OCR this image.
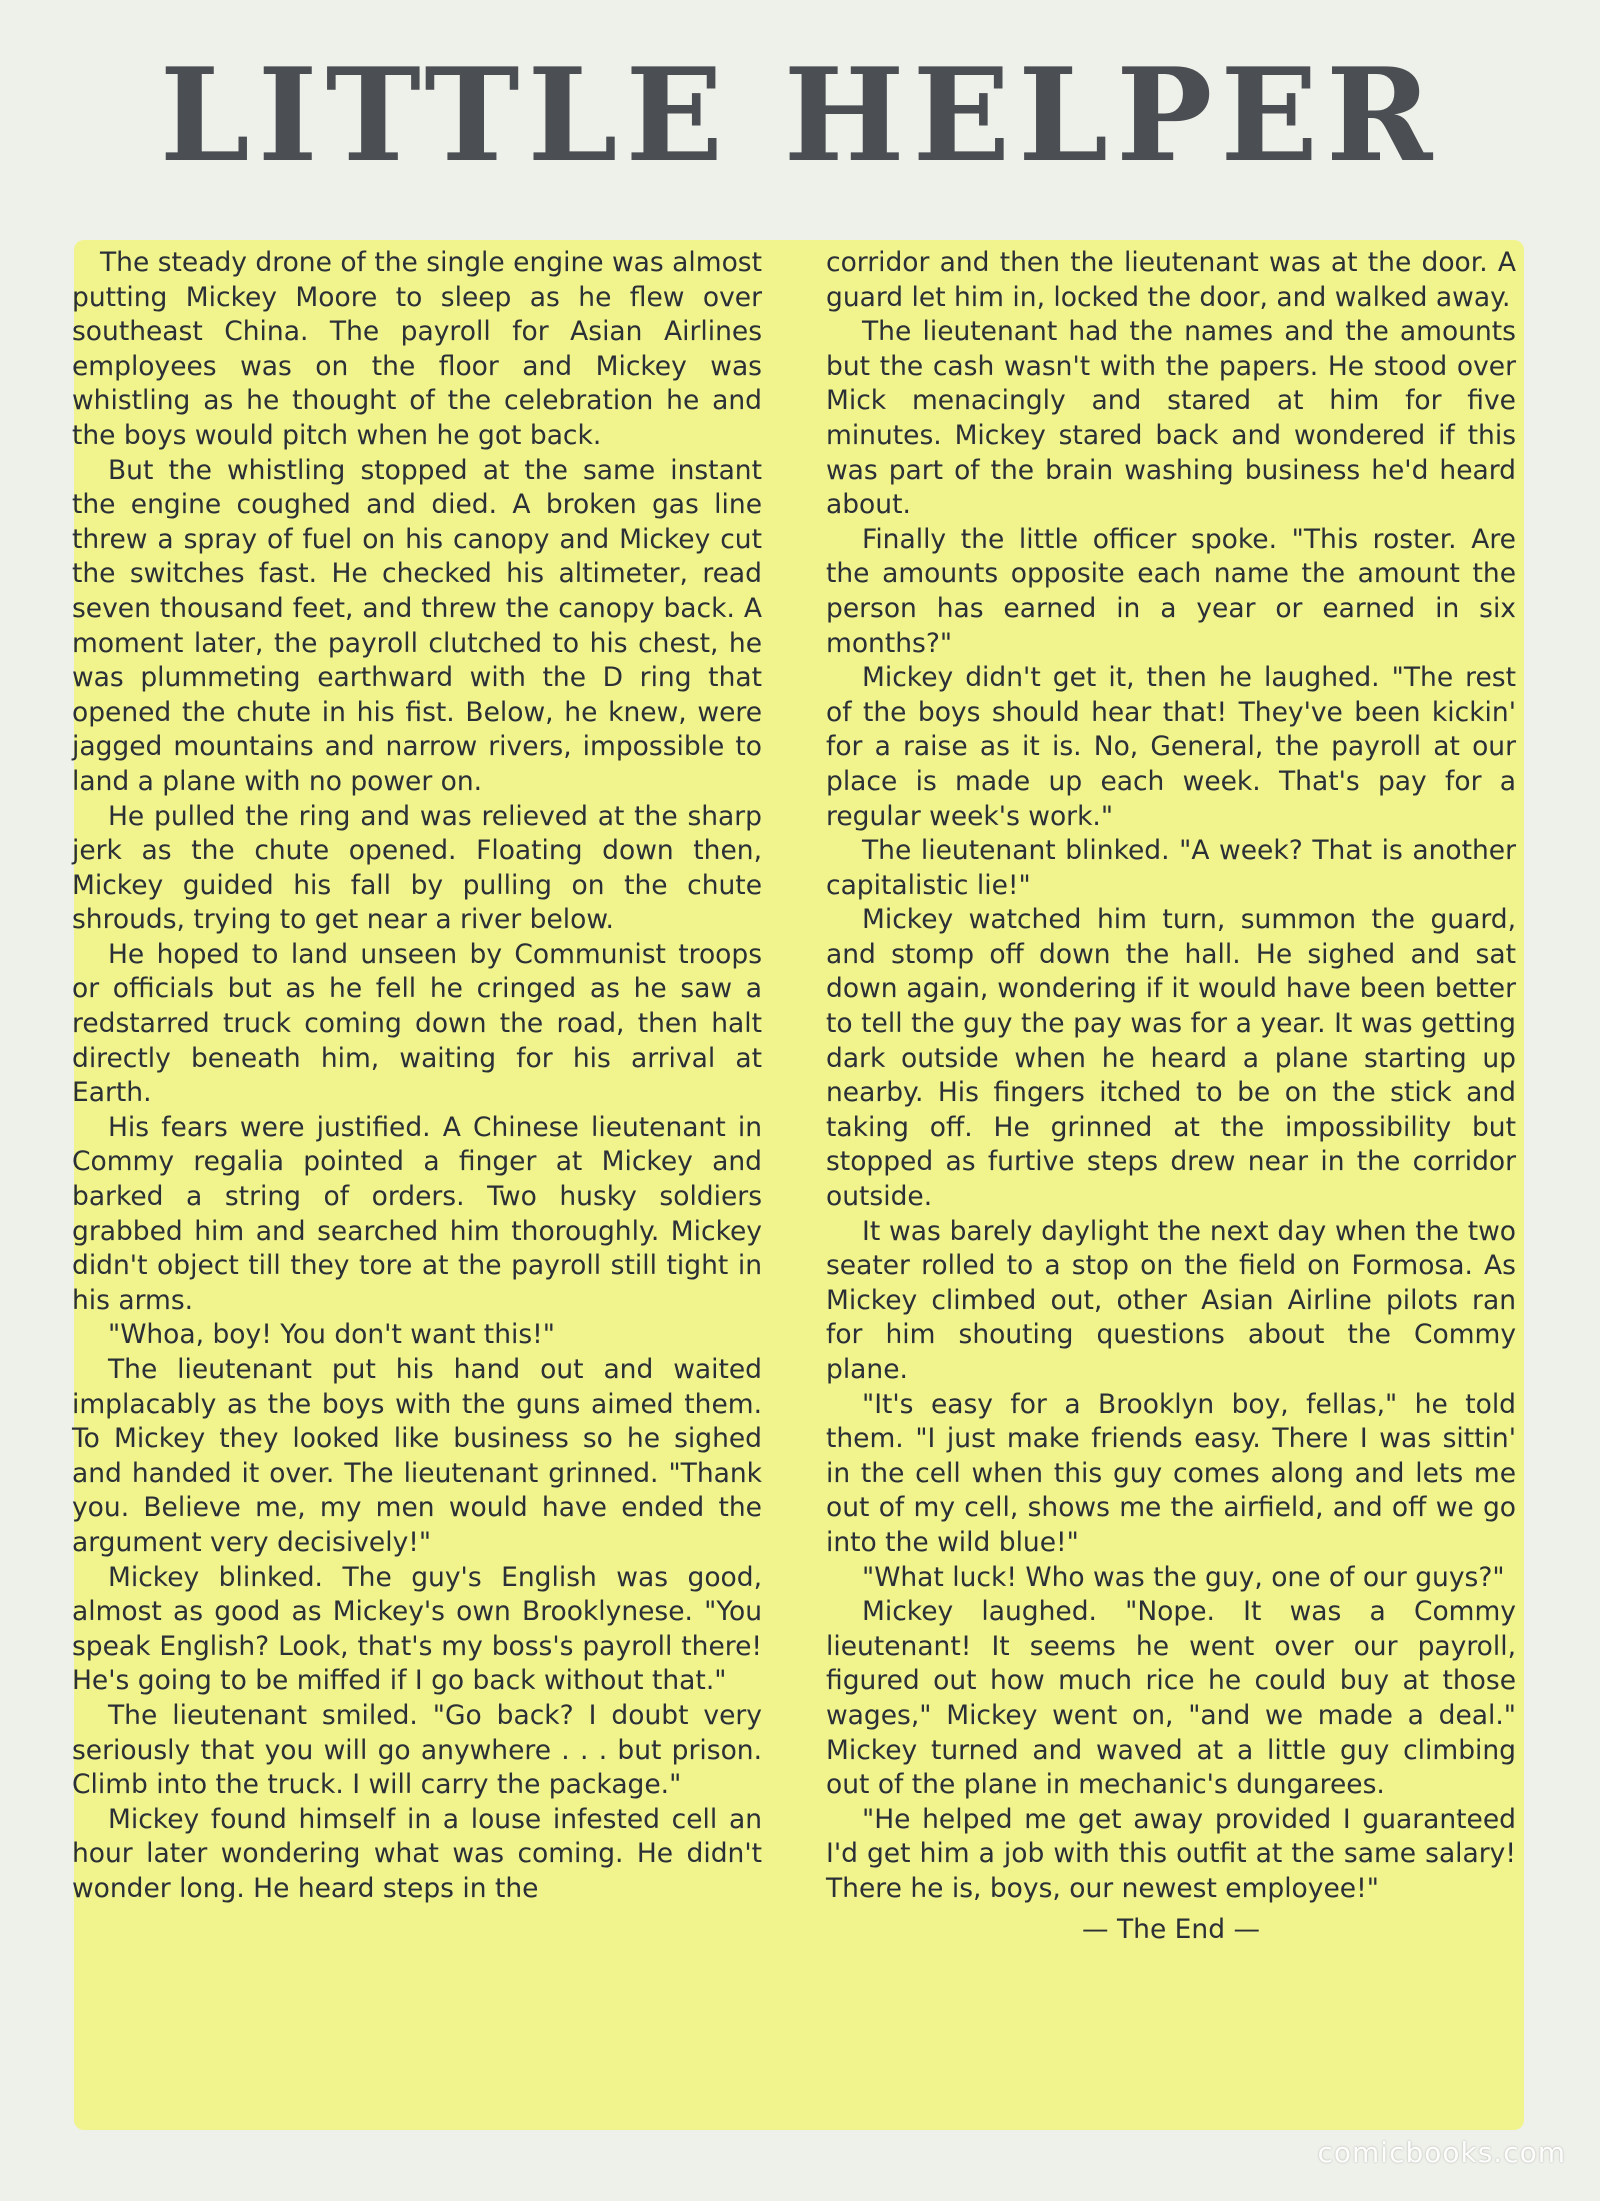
LITTLE HELPER

The steady drone of the single engine was almost putting Mickey Moore to sleep as he flew over southeast China. The payroll for Asian Airlines employees was on the floor and Mickey was whistling as he thought of the celebration he and the boys would pitch when he got back.

But the whistling stopped at the same instant the engine coughed and died. A broken gas line threw a spray of fuel on his canopy and Mickey cut the switches fast. He checked his altimeter, read seven thousand feet, and threw the canopy back. A moment later, the payroll clutched to his chest, he was plummeting earthward with the D ring that opened the chute in his fist. Below, he knew, were jagged mountains and narrow rivers, impossible to land a plane with no power on.

He pulled the ring and was relieved at the sharp jerk as the chute opened. Floating down then, Mickey guided his fall by pulling on the chute shrouds, trying to get near a river below.

He hoped to land unseen by Communist troops or officials but as he fell he cringed as he saw a redstarred truck coming down the road, then halt directly beneath him, waiting for his arrival at Earth.

His fears were justified. A Chinese lieutenant in Commy regalia pointed a finger at Mickey and barked a string of orders. Two husky soldiers grabbed him and searched him thoroughly. Mickey didn't object till they tore at the payroll still tight in his arms.

"Whoa, boy! You don't want this!"

The lieutenant put his hand out and waited implacably as the boys with the guns aimed them. To Mickey they looked like business so he sighed and handed it over. The lieutenant grinned. "Thank you. Believe me, my men would have ended the argument very decisively!"

Mickey blinked. The guy's English was good, almost as good as Mickey's own Brooklynese. "You speak English? Look, that's my boss's payroll there! He's going to be miffed if I go back without that."

The lieutenant smiled. "Go back? I doubt very seriously that you will go anywhere . . . but prison. Climb into the truck. I will carry the package."

Mickey found himself in a louse infested cell an hour later wondering what was coming. He didn't wonder long. He heard steps in the

corridor and then the lieutenant was at the door. A guard let him in, locked the door, and walked away.

The lieutenant had the names and the amounts but the cash wasn't with the papers. He stood over Mick menacingly and stared at him for five minutes. Mickey stared back and wondered if this was part of the brain washing business he'd heard about.

Finally the little officer spoke. "This roster. Are the amounts opposite each name the amount the person has earned in a year or earned in six months?"

Mickey didn't get it, then he laughed. "The rest of the boys should hear that! They've been kickin' for a raise as it is. No, General, the payroll at our place is made up each week. That's pay for a regular week's work."

The lieutenant blinked. "A week? That is another capitalistic lie!"

Mickey watched him turn, summon the guard, and stomp off down the hall. He sighed and sat down again, wondering if it would have been better to tell the guy the pay was for a year. It was getting dark outside when he heard a plane starting up nearby. His fingers itched to be on the stick and taking off. He grinned at the impossibility but stopped as furtive steps drew near in the corridor outside.

It was barely daylight the next day when the two seater rolled to a stop on the field on Formosa. As Mickey climbed out, other Asian Airline pilots ran for him shouting questions about the Commy plane.

"It's easy for a Brooklyn boy, fellas," he told them. "I just make friends easy. There I was sittin' in the cell when this guy comes along and lets me out of my cell, shows me the airfield, and off we go into the wild blue!"

"What luck! Who was the guy, one of our guys?"

Mickey laughed. "Nope. It was a Commy lieutenant! It seems he went over our payroll, figured out how much rice he could buy at those wages," Mickey went on, "and we made a deal." Mickey turned and waved at a little guy climbing out of the plane in mechanic's dungarees.

"He helped me get away provided I guaranteed I'd get him a job with this outfit at the same salary! There he is, boys, our newest employee!"

— The End —

comicbooks.com
